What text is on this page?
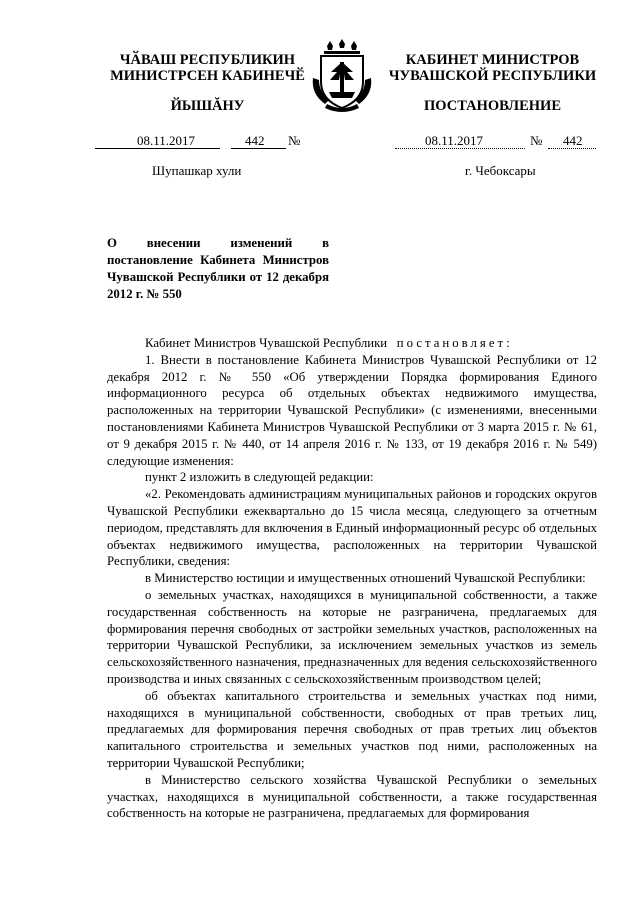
ЧӐВАШ РЕСПУБЛИКИН
МИНИСТРСЕН КАБИНЕЧӖ
КАБИНЕТ МИНИСТРОВ
ЧУВАШСКОЙ РЕСПУБЛИКИ
ЙЫШĂНУ	ПОСТАНОВЛЕНИЕ
08.11.2017	442 №	08.11.2017	№ 442
Шупашкар хули	г. Чебоксары
О внесении изменений в постановление Кабинета Министров Чувашской Республики от 12 декабря 2012 г. № 550

Кабинет Министров Чувашской Республики постановляет:

1. Внести в постановление Кабинета Министров Чувашской Республики от 12 декабря 2012 г. № 550 «Об утверждении Порядка формирования Единого информационного ресурса об отдельных объектах недвижимого имущества, расположенных на территории Чувашской Республики» (с изменениями, внесенными постановлениями Кабинета Министров Чувашской Республики от 3 марта 2015 г. № 61, от 9 декабря 2015 г. № 440, от 14 апреля 2016 г. № 133, от 19 декабря 2016 г. № 549) следующие изменения:

пункт 2 изложить в следующей редакции:

«2. Рекомендовать администрациям муниципальных районов и городских округов Чувашской Республики ежеквартально до 15 числа месяца, следующего за отчетным периодом, представлять для включения в Единый информационный ресурс об отдельных объектах недвижимого имущества, расположенных на территории Чувашской Республики, сведения:

в Министерство юстиции и имущественных отношений Чувашской Республики:

о земельных участках, находящихся в муниципальной собственности, а также государственная собственность на которые не разграничена, предлагаемых для формирования перечня свободных от застройки земельных участков, расположенных на территории Чувашской Республики, за исключением земельных участков из земель сельскохозяйственного назначения, предназначенных для ведения сельскохозяйственного производства и иных связанных с сельскохозяйственным производством целей;

об объектах капитального строительства и земельных участках под ними, находящихся в муниципальной собственности, свободных от прав третьих лиц, предлагаемых для формирования перечня свободных от прав третьих лиц объектов капитального строительства и земельных участков под ними, расположенных на территории Чувашской Республики;

в Министерство сельского хозяйства Чувашской Республики о земельных участках, находящихся в муниципальной собственности, а также государственная собственность на которые не разграничена, предлагаемых для формирования
